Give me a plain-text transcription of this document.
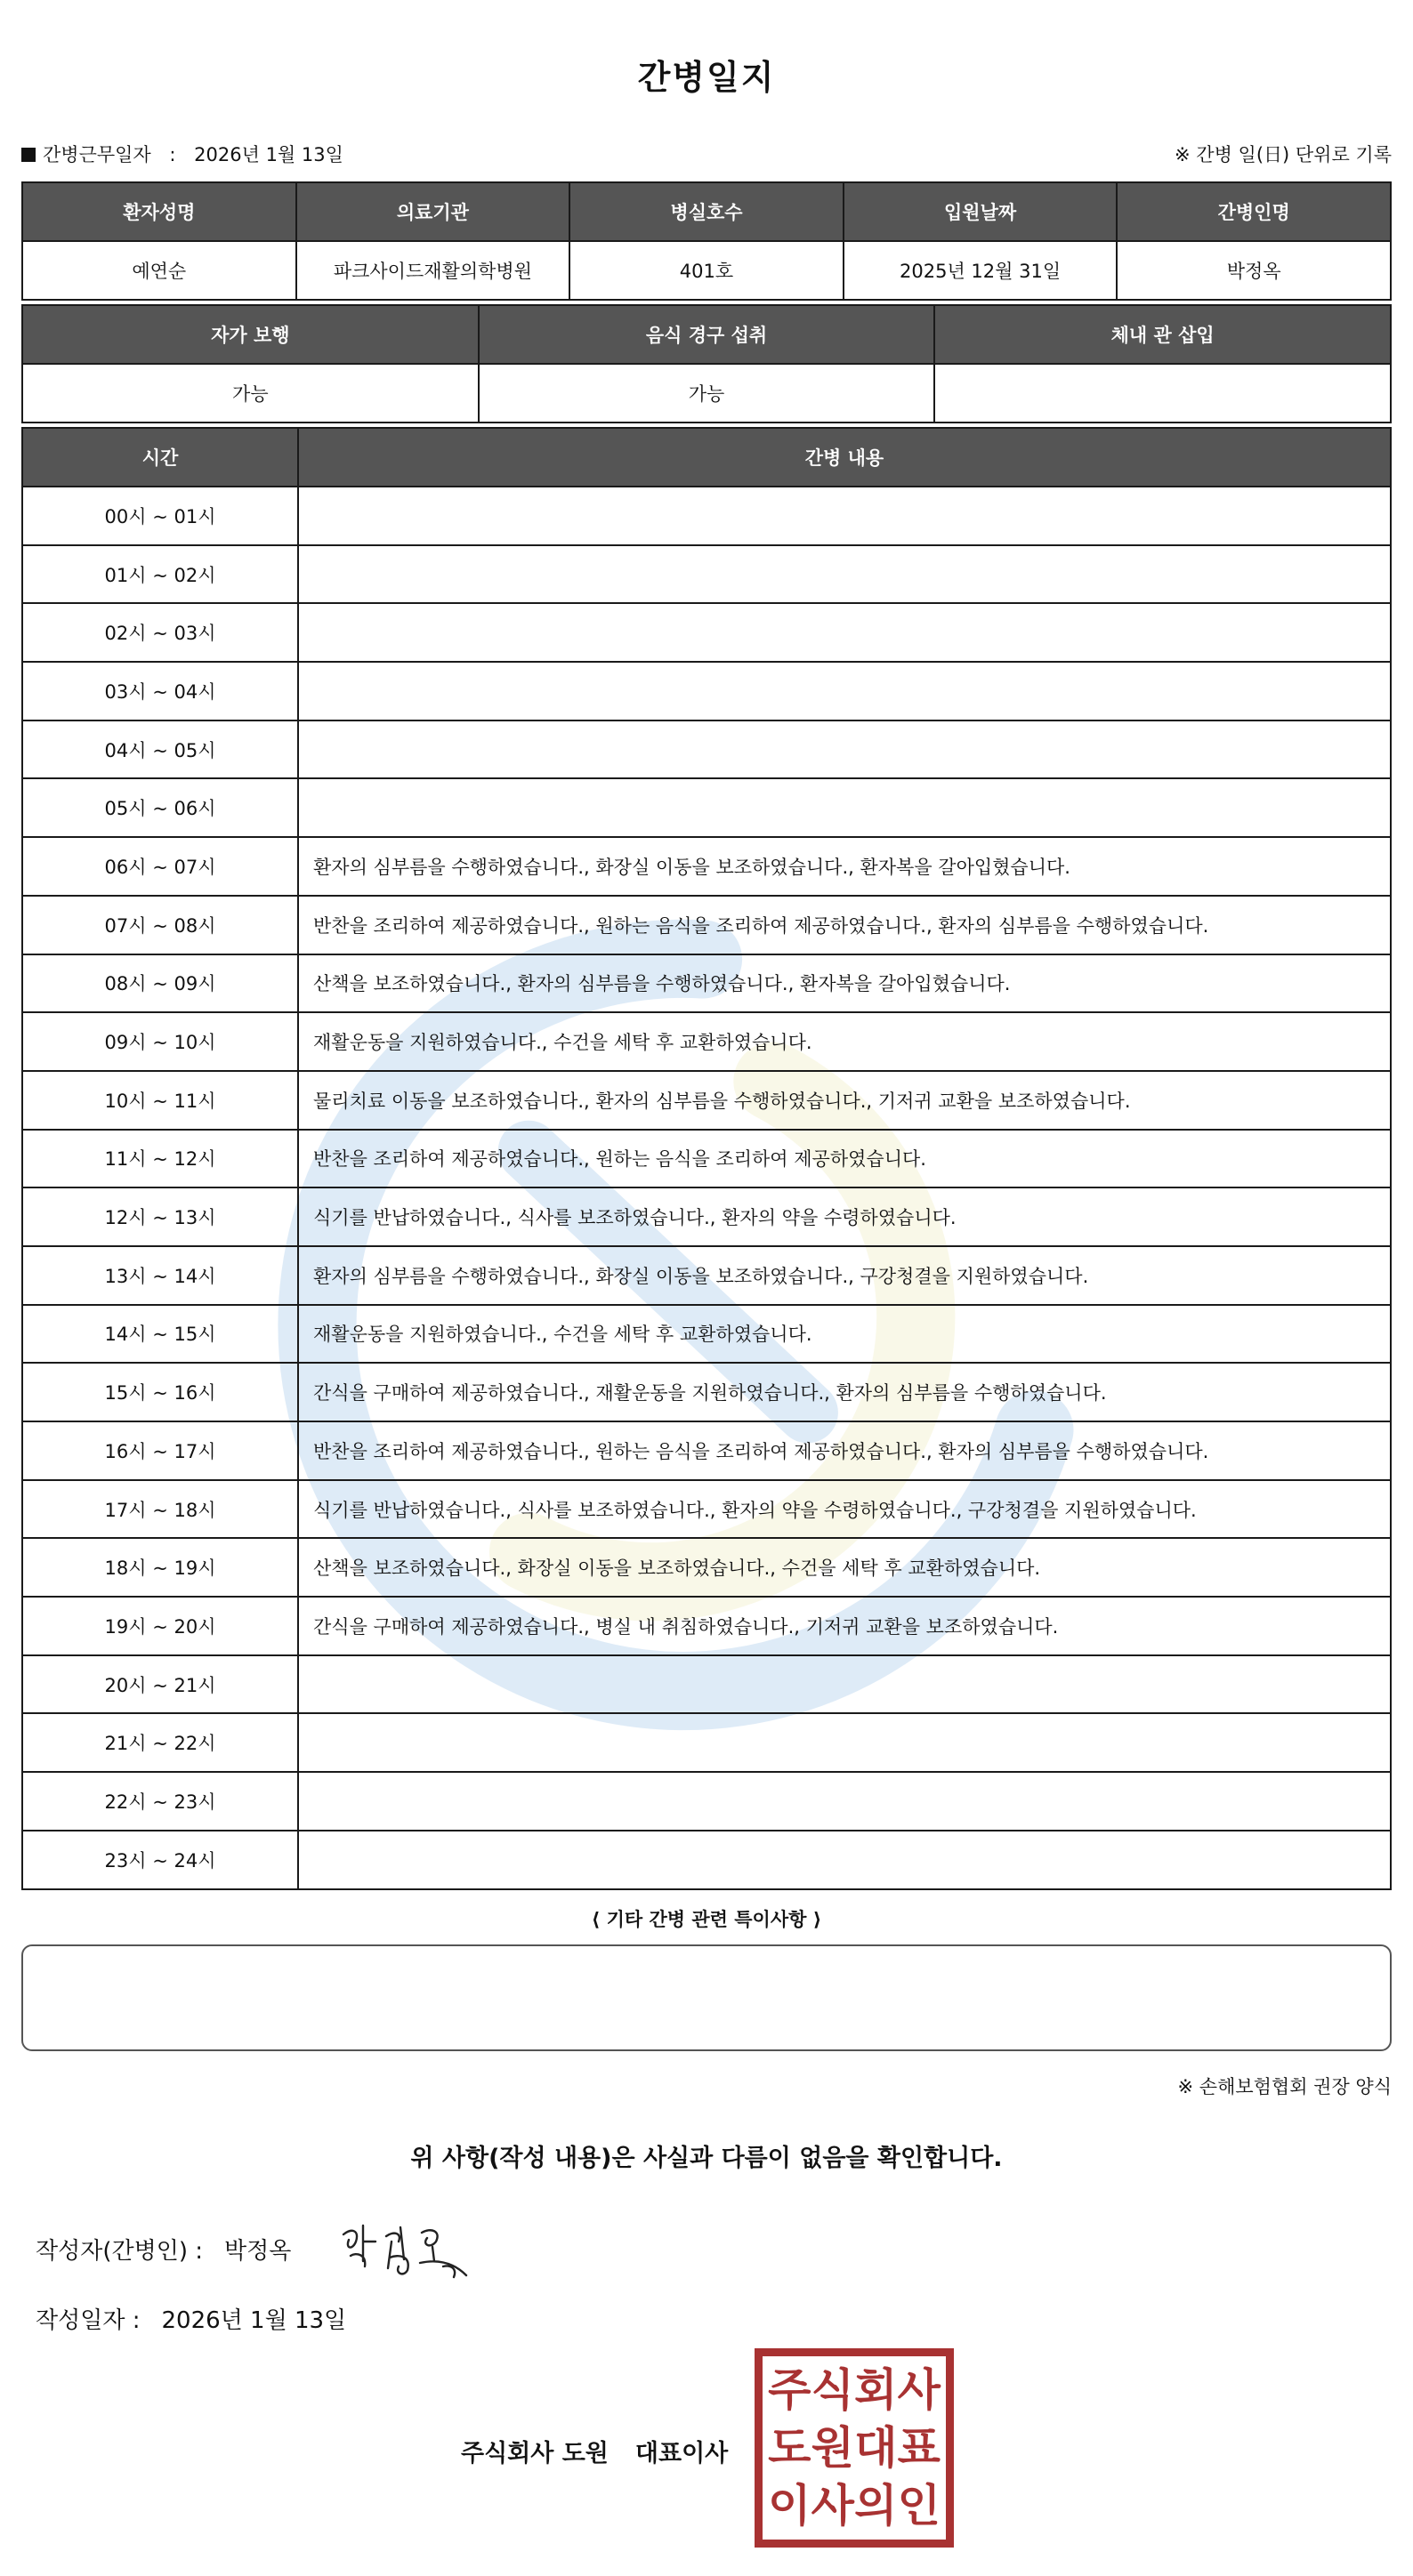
간병일지
간병근무일자 : 2026년 1월 13일	※ 간병 일(日) 단위로 기록
환자성명	의료기관	병실호수	입원날짜	간병인명
예연순	파크사이드재활의학병원	401호	2025년 12월 31일	박정옥
자가 보행	음식 경구 섭취	체내 관 삽입
가능	가능	
시간	간병 내용
00시 ~ 01시	
01시 ~ 02시	
02시 ~ 03시	
03시 ~ 04시	
04시 ~ 05시	
05시 ~ 06시	
06시 ~ 07시	환자의 심부름을 수행하였습니다., 화장실 이동을 보조하였습니다., 환자복을 갈아입혔습니다.
07시 ~ 08시	반찬을 조리하여 제공하였습니다., 원하는 음식을 조리하여 제공하였습니다., 환자의 심부름을 수행하였습니다.
08시 ~ 09시	산책을 보조하였습니다., 환자의 심부름을 수행하였습니다., 환자복을 갈아입혔습니다.
09시 ~ 10시	재활운동을 지원하였습니다., 수건을 세탁 후 교환하였습니다.
10시 ~ 11시	물리치료 이동을 보조하였습니다., 환자의 심부름을 수행하였습니다., 기저귀 교환을 보조하였습니다.
11시 ~ 12시	반찬을 조리하여 제공하였습니다., 원하는 음식을 조리하여 제공하였습니다.
12시 ~ 13시	식기를 반납하였습니다., 식사를 보조하였습니다., 환자의 약을 수령하였습니다.
13시 ~ 14시	환자의 심부름을 수행하였습니다., 화장실 이동을 보조하였습니다., 구강청결을 지원하였습니다.
14시 ~ 15시	재활운동을 지원하였습니다., 수건을 세탁 후 교환하였습니다.
15시 ~ 16시	간식을 구매하여 제공하였습니다., 재활운동을 지원하였습니다., 환자의 심부름을 수행하였습니다.
16시 ~ 17시	반찬을 조리하여 제공하였습니다., 원하는 음식을 조리하여 제공하였습니다., 환자의 심부름을 수행하였습니다.
17시 ~ 18시	식기를 반납하였습니다., 식사를 보조하였습니다., 환자의 약을 수령하였습니다., 구강청결을 지원하였습니다.
18시 ~ 19시	산책을 보조하였습니다., 화장실 이동을 보조하였습니다., 수건을 세탁 후 교환하였습니다.
19시 ~ 20시	간식을 구매하여 제공하였습니다., 병실 내 취침하였습니다., 기저귀 교환을 보조하였습니다.
20시 ~ 21시	
21시 ~ 22시	
22시 ~ 23시	
23시 ~ 24시	
⟨ 기타 간병 관련 특이사항 ⟩
※ 손해보험협회 권장 양식
위 사항(작성 내용)은 사실과 다름이 없음을 확인합니다.
작성자(간병인) : 박정옥
작성일자 : 2026년 1월 13일
주식회사 도원 대표이사
주 식 회 사
도 원 대 표
이 사 의 인
